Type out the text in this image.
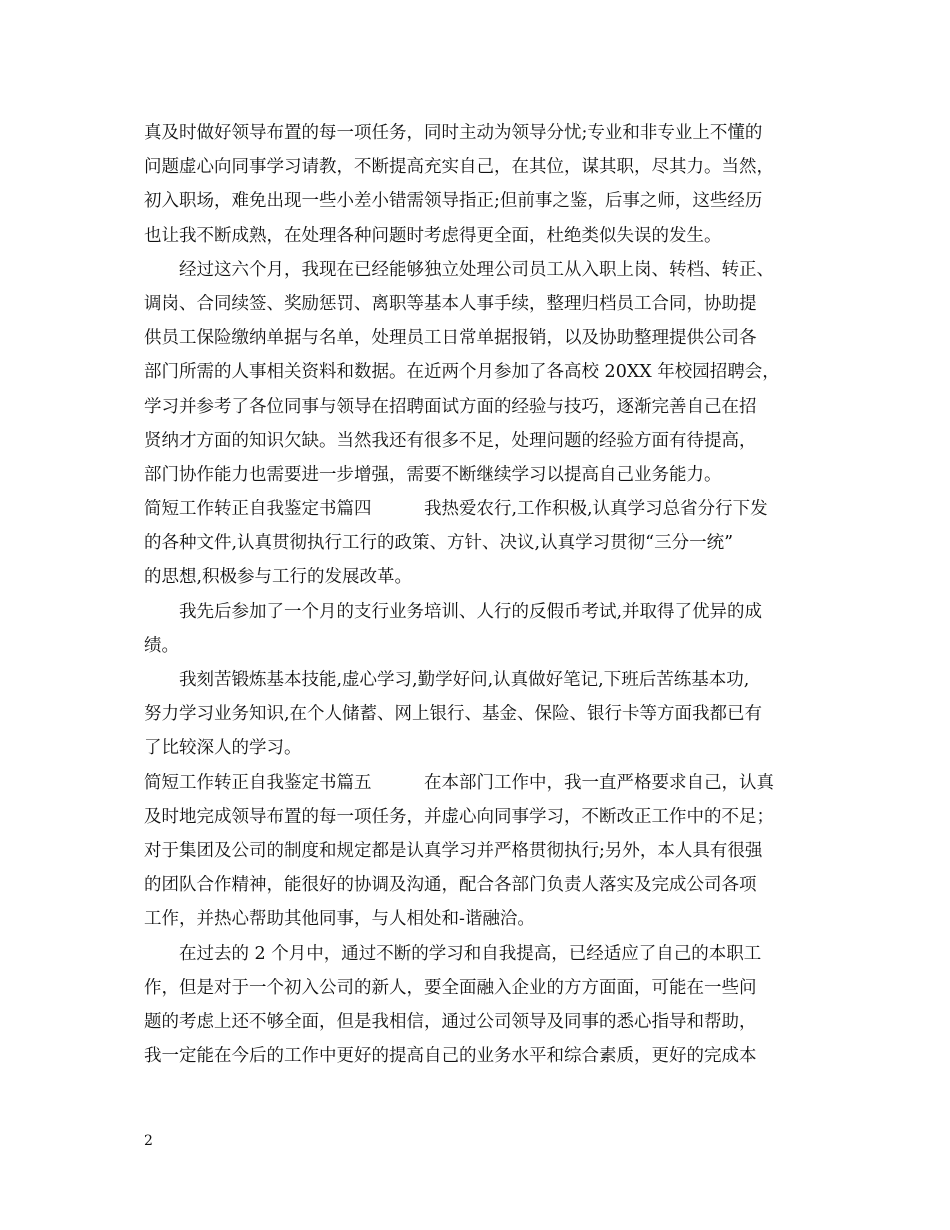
真及时做好领导布置的每一项任务，同时主动为领导分忧;专业和非专业上不懂的
问题虚心向同事学习请教，不断提高充实自己，在其位，谋其职，尽其力。当然，
初入职场，难免出现一些小差小错需领导指正;但前事之鉴，后事之师，这些经历
也让我不断成熟，在处理各种问题时考虑得更全面，杜绝类似失误的发生。
　　经过这六个月，我现在已经能够独立处理公司员工从入职上岗、转档、转正、
调岗、合同续签、奖励惩罚、离职等基本人事手续，整理归档员工合同，协助提
供员工保险缴纳单据与名单，处理员工日常单据报销，以及协助整理提供公司各
部门所需的人事相关资料和数据。在近两个月参加了各高校 20XX 年校园招聘会，
学习并参考了各位同事与领导在招聘面试方面的经验与技巧，逐渐完善自己在招
贤纳才方面的知识欠缺。当然我还有很多不足，处理问题的经验方面有待提高，
部门协作能力也需要进一步增强，需要不断继续学习以提高自己业务能力。
简短工作转正自我鉴定书篇四　　　我热爱农行,工作积极,认真学习总省分行下发
的各种文件,认真贯彻执行工行的政策、方针、决议,认真学习贯彻“三分一统”
的思想,积极参与工行的发展改革。
　　我先后参加了一个月的支行业务培训、人行的反假币考试,并取得了优异的成
绩。
　　我刻苦锻炼基本技能,虚心学习,勤学好问,认真做好笔记,下班后苦练基本功,
努力学习业务知识,在个人储蓄、网上银行、基金、保险、银行卡等方面我都已有
了比较深人的学习。
简短工作转正自我鉴定书篇五　　　在本部门工作中，我一直严格要求自己，认真
及时地完成领导布置的每一项任务，并虚心向同事学习，不断改正工作中的不足；
对于集团及公司的制度和规定都是认真学习并严格贯彻执行;另外，本人具有很强
的团队合作精神，能很好的协调及沟通，配合各部门负责人落实及完成公司各项
工作，并热心帮助其他同事，与人相处和-谐融洽。
　　在过去的 2 个月中，通过不断的学习和自我提高，已经适应了自己的本职工
作，但是对于一个初入公司的新人，要全面融入企业的方方面面，可能在一些问
题的考虑上还不够全面，但是我相信，通过公司领导及同事的悉心指导和帮助，
我一定能在今后的工作中更好的提高自己的业务水平和综合素质，更好的完成本
2
